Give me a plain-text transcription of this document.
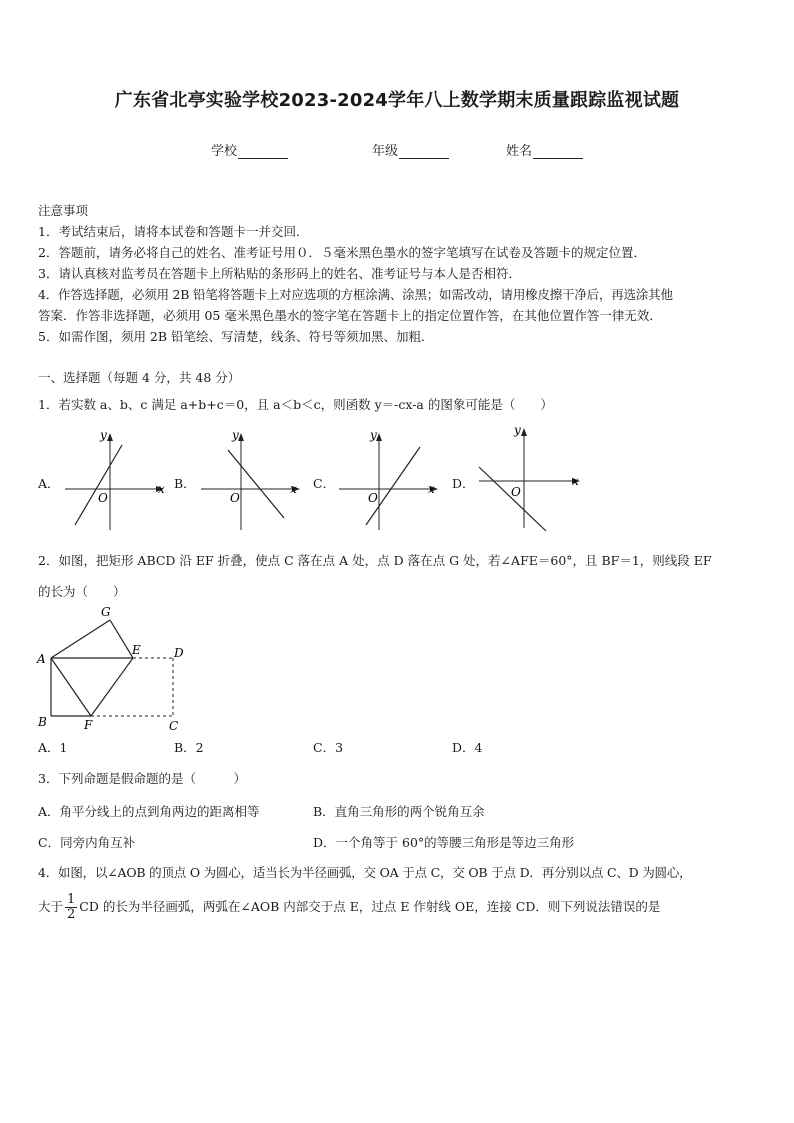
广东省北亭实验学校2023-2024学年八上数学期末质量跟踪监视试题
学校	年级	姓名
注意事项
1．考试结束后，请将本试卷和答题卡一并交回．
2．答题前，请务必将自己的姓名、准考证号用０．５毫米黑色墨水的签字笔填写在试卷及答题卡的规定位置．
3．请认真核对监考员在答题卡上所粘贴的条形码上的姓名、准考证号与本人是否相符．
4．作答选择题，必须用 2B 铅笔将答题卡上对应选项的方框涂满、涂黑；如需改动，请用橡皮擦干净后，再选涂其他
答案．作答非选择题，必须用 05 毫米黑色墨水的签字笔在答题卡上的指定位置作答，在其他位置作答一律无效．
5．如需作图，须用 2B 铅笔绘、写清楚，线条、符号等须加黑、加粗．
一、选择题（每题 4 分，共 48 分）
1．若实数 a、b、c 满足 a+b+c＝0，且 a＜b＜c，则函数 y＝-cx-a 的图象可能是（　　）
A．	B．	C．	D．
y
x
O
y
x
O
y
x
O
y
x
O
2．如图，把矩形 ABCD 沿 EF 折叠，使点 C 落在点 A 处，点 D 落在点 G 处，若∠AFE＝60°，且 BF＝1，则线段 EF
的长为（　　）
G
A
E	D
B	F	C
A．1	B．2	C．3	D．4
3．下列命题是假命题的是（　　　）
A．角平分线上的点到角两边的距离相等	B．直角三角形的两个锐角互余
C．同旁内角互补	D．一个角等于 60°的等腰三角形是等边三角形
4．如图，以∠AOB 的顶点 O 为圆心，适当长为半径画弧，交 OA 于点 C，交 OB 于点 D．再分别以点 C、D 为圆心，
大于 $\frac{1}{2}$ CD 的长为半径画弧，两弧在∠AOB 内部交于点 E，过点 E 作射线 OE，连接 CD．则下列说法错误的是
